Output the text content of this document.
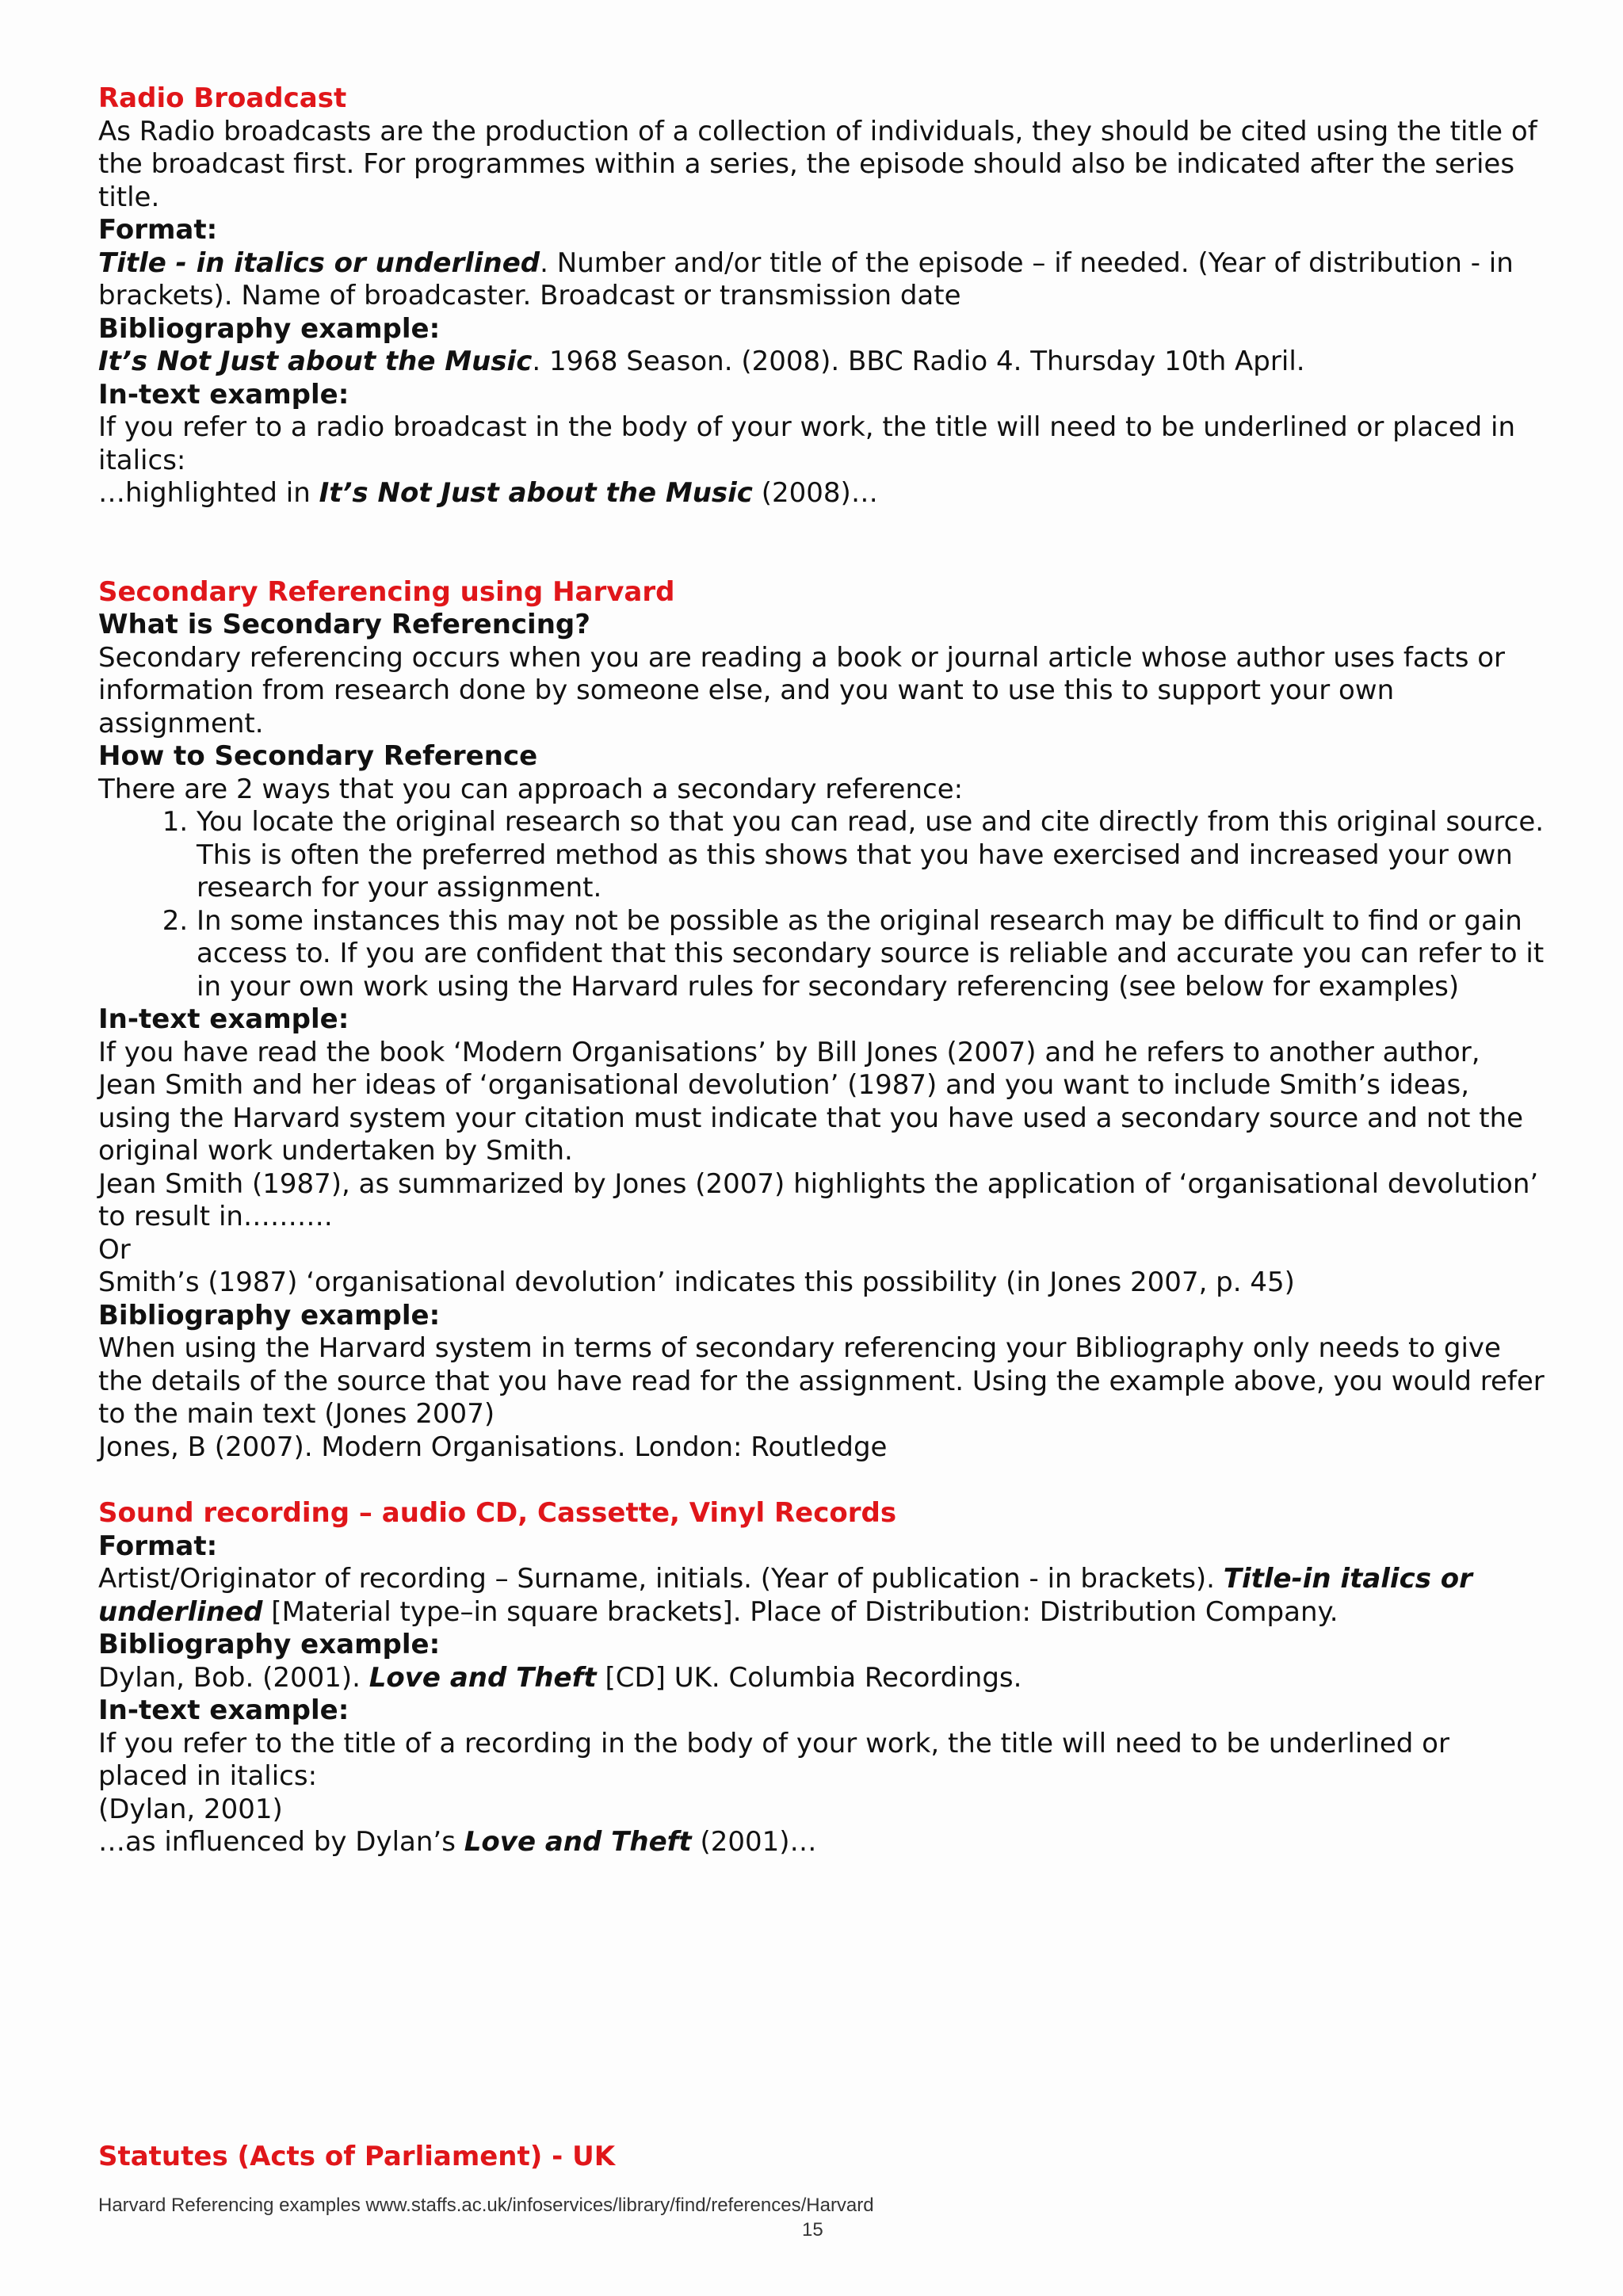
Radio Broadcast

As Radio broadcasts are the production of a collection of individuals, they should be cited using the title of the broadcast first. For programmes within a series, the episode should also be indicated after the series title.

Format:

Title - in italics or underlined. Number and/or title of the episode – if needed. (Year of distribution - in brackets). Name of broadcaster. Broadcast or transmission date

Bibliography example:

It’s Not Just about the Music. 1968 Season. (2008). BBC Radio 4. Thursday 10th April.

In-text example:

If you refer to a radio broadcast in the body of your work, the title will need to be underlined or placed in italics:

…highlighted in It’s Not Just about the Music (2008)…

Secondary Referencing using Harvard

What is Secondary Referencing?

Secondary referencing occurs when you are reading a book or journal article whose author uses facts or information from research done by someone else, and you want to use this to support your own assignment.

How to Secondary Reference

There are 2 ways that you can approach a secondary reference:

1. You locate the original research so that you can read, use and cite directly from this original source. This is often the preferred method as this shows that you have exercised and increased your own research for your assignment.
2. In some instances this may not be possible as the original research may be difficult to find or gain access to. If you are confident that this secondary source is reliable and accurate you can refer to it in your own work using the Harvard rules for secondary referencing (see below for examples)

In-text example:

If you have read the book ‘Modern Organisations’ by Bill Jones (2007) and he refers to another author, Jean Smith and her ideas of ‘organisational devolution’ (1987) and you want to include Smith’s ideas, using the Harvard system your citation must indicate that you have used a secondary source and not the original work undertaken by Smith.

Jean Smith (1987), as summarized by Jones (2007) highlights the application of ‘organisational devolution’ to result in……….

Or

Smith’s (1987) ‘organisational devolution’ indicates this possibility (in Jones 2007, p. 45)

Bibliography example:

When using the Harvard system in terms of secondary referencing your Bibliography only needs to give the details of the source that you have read for the assignment. Using the example above, you would refer to the main text (Jones 2007)

Jones, B (2007). Modern Organisations. London: Routledge

Sound recording – audio CD, Cassette, Vinyl Records

Format:

Artist/Originator of recording – Surname, initials. (Year of publication - in brackets). Title-in italics or underlined [Material type–in square brackets]. Place of Distribution: Distribution Company.

Bibliography example:

Dylan, Bob. (2001). Love and Theft [CD] UK. Columbia Recordings.

In-text example:

If you refer to the title of a recording in the body of your work, the title will need to be underlined or placed in italics:

(Dylan, 2001)

…as influenced by Dylan’s Love and Theft (2001)…

Statutes (Acts of Parliament) - UK

Harvard Referencing examples www.staffs.ac.uk/infoservices/library/find/references/Harvard
15
